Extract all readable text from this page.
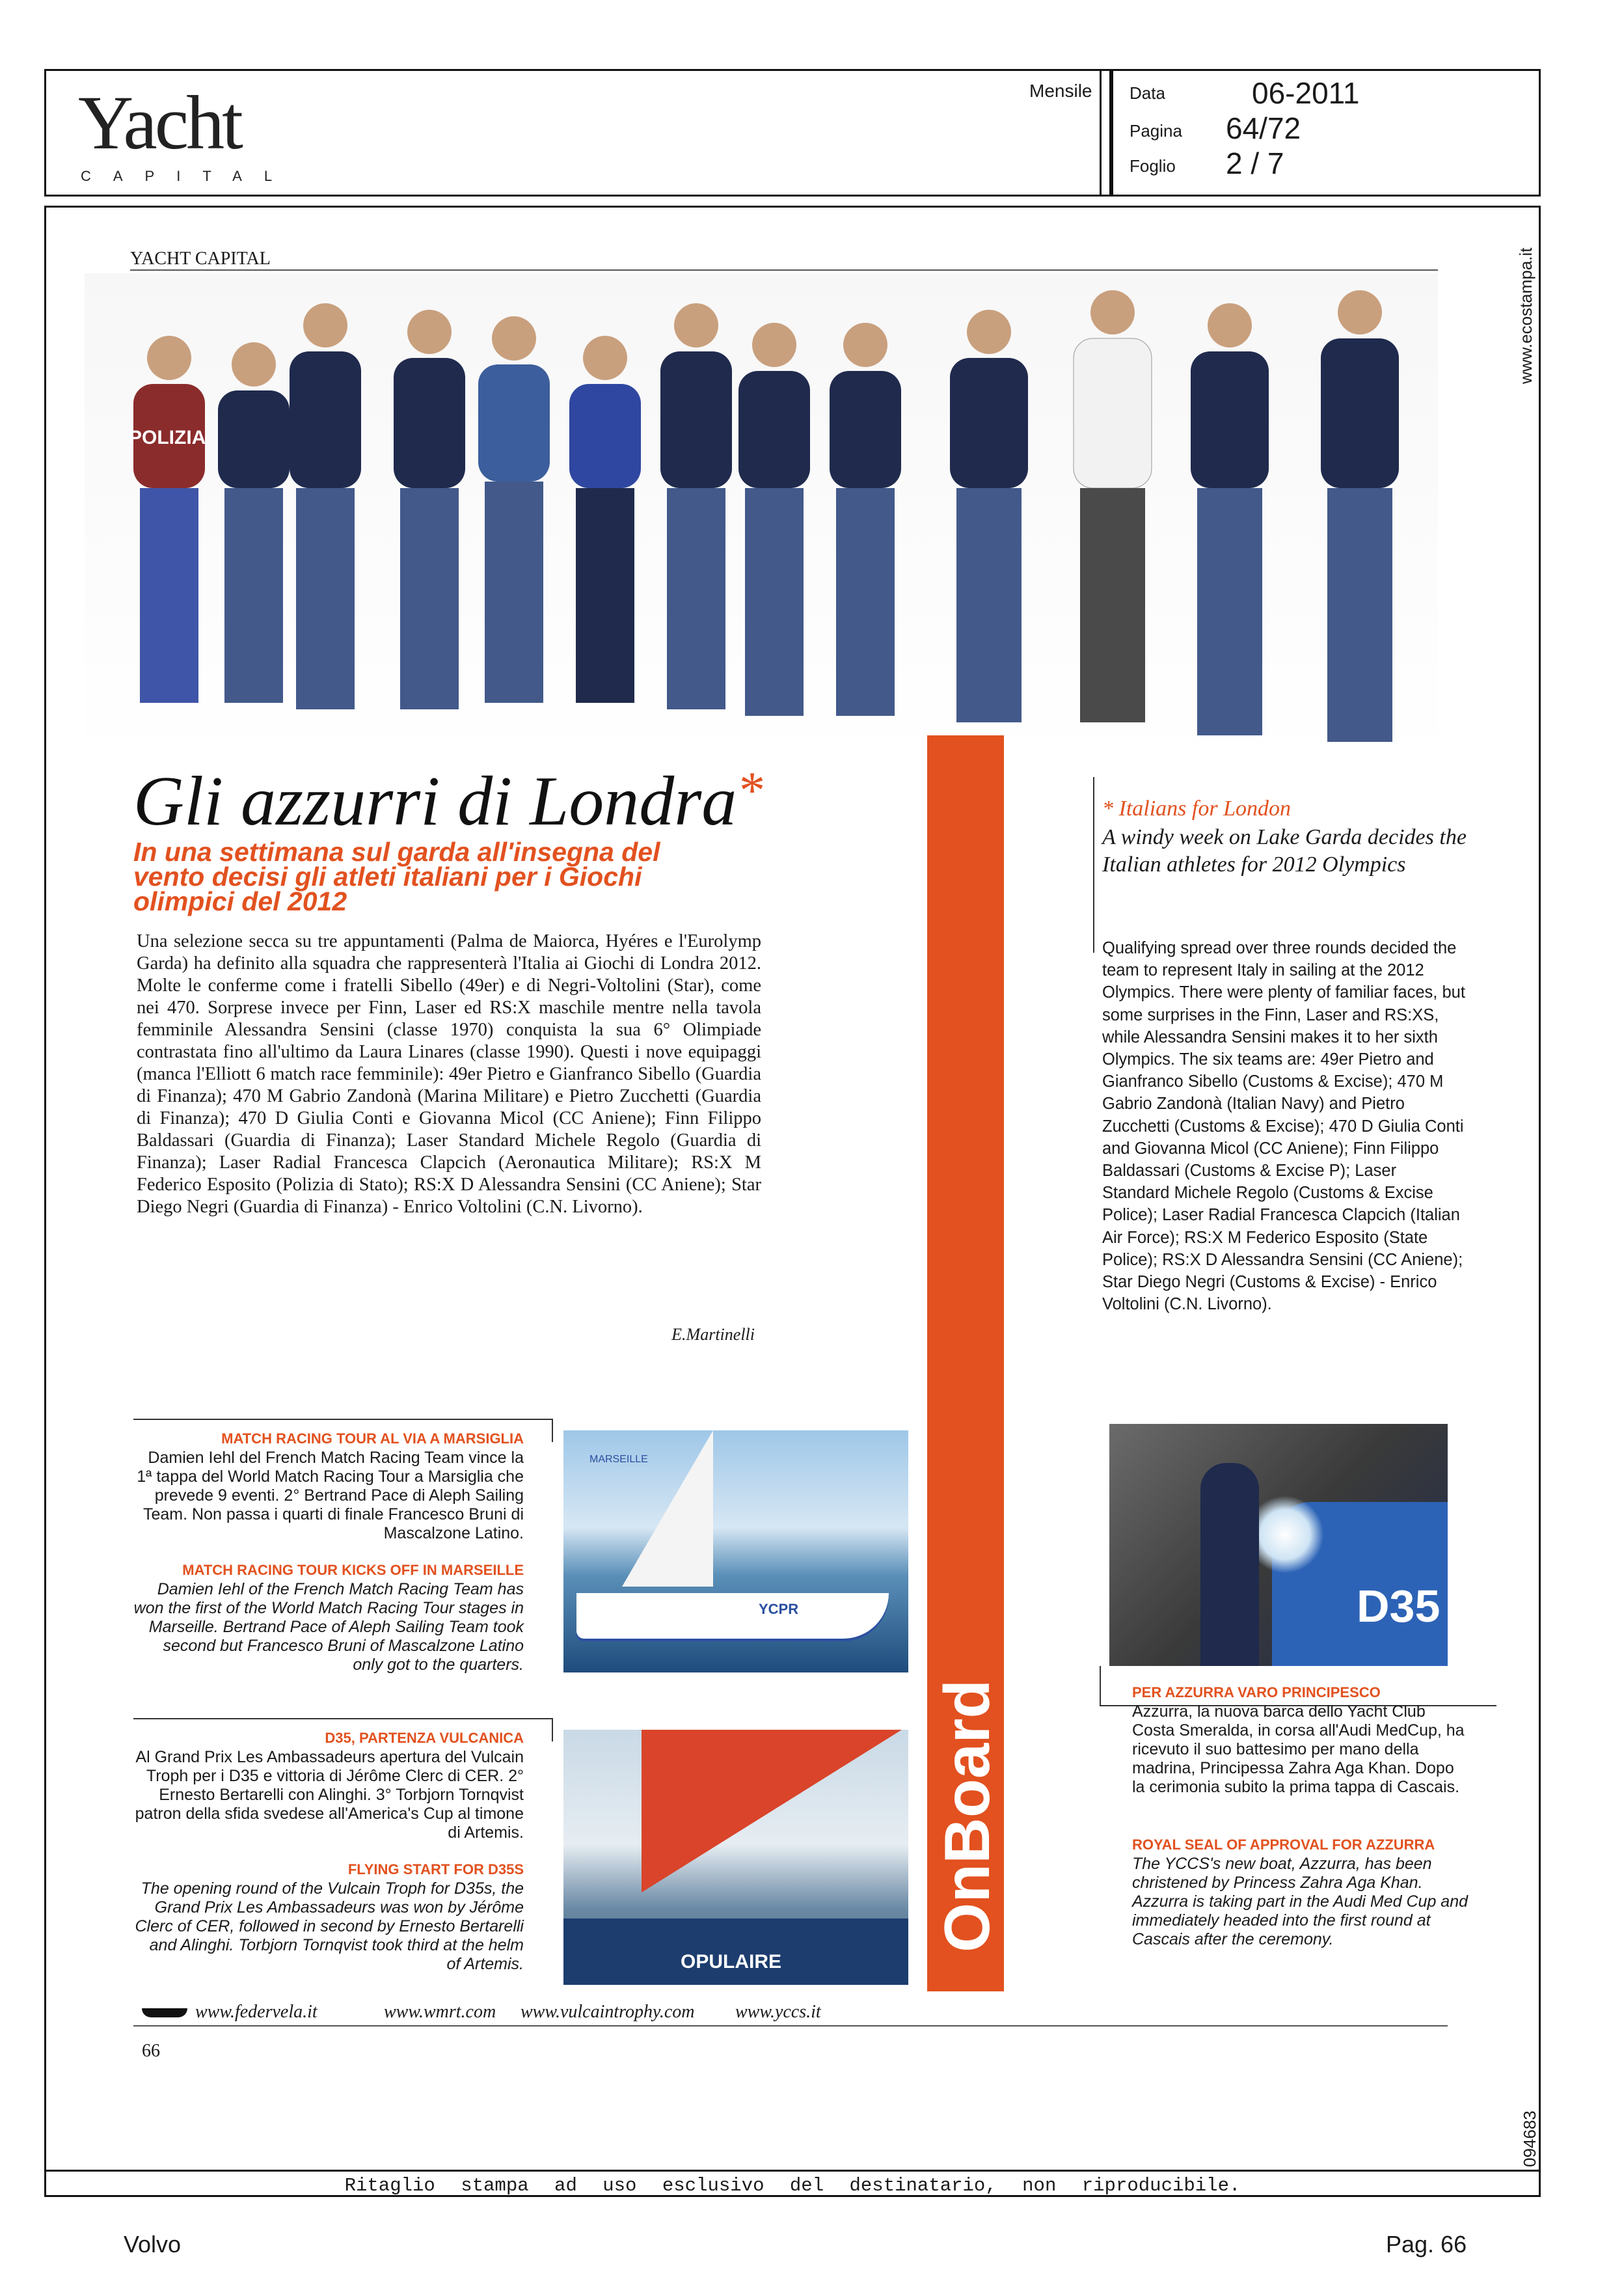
Yacht
CAPITAL
Mensile Data	06-2011
Pagina 64/72
Foglio 2 / 7
Ritaglio stampa ad uso esclusivo del destinatario, non riproducibile.
www.ecostampa.it
094683
YACHT CAPITAL
POLIZIA
OnBoard
Gli azzurri di Londra*
In una settimana sul garda all'insegna del vento decisi gli atleti italiani per i Giochi olimpici del 2012
Una selezione secca su tre appuntamenti (Palma de Maiorca, Hyéres e l'Eurolymp Garda) ha definito alla squadra che rappresenterà l'Italia ai Giochi di Londra 2012. Molte le conferme come i fratelli Sibello (49er) e di Negri-Voltolini (Star), come nei 470. Sorprese invece per Finn, Laser ed RS:X maschile mentre nella tavola femminile Alessandra Sensini (classe 1970) conquista la sua 6° Olimpiade contrastata fino all'ultimo da Laura Linares (classe 1990). Questi i nove equipaggi (manca l'Elliott 6 match race femminile): 49er Pietro e Gianfranco Sibello (Guardia di Finanza); 470 M Gabrio Zandonà (Marina Militare) e Pietro Zucchetti (Guardia di Finanza); 470 D Giulia Conti e Giovanna Micol (CC Aniene); Finn Filippo Baldassari (Guardia di Finanza); Laser Standard Michele Regolo (Guardia di Finanza); Laser Radial Francesca Clapcich (Aeronautica Militare); RS:X M Federico Esposito (Polizia di Stato); RS:X D Alessandra Sensini (CC Aniene); Star Diego Negri (Guardia di Finanza) - Enrico Voltolini (C.N. Livorno).
E.Martinelli
* Italians for London
A windy week on Lake Garda decides the Italian athletes for 2012 Olympics
Qualifying spread over three rounds decided the team to represent Italy in sailing at the 2012 Olympics. There were plenty of familiar faces, but some surprises in the Finn, Laser and RS:XS, while Alessandra Sensini makes it to her sixth Olympics. The six teams are: 49er Pietro and Gianfranco Sibello (Customs & Excise); 470 M Gabrio Zandonà (Italian Navy) and Pietro Zucchetti (Customs & Excise); 470 D Giulia Conti and Giovanna Micol (CC Aniene); Finn Filippo Baldassari (Customs & Excise P); Laser Standard Michele Regolo (Customs & Excise Police); Laser Radial Francesca Clapcich (Italian Air Force); RS:X M Federico Esposito (State Police); RS:X D Alessandra Sensini (CC Aniene); Star Diego Negri (Customs & Excise) - Enrico Voltolini (C.N. Livorno).
MATCH RACING TOUR AL VIA A MARSIGLIA
Damien Iehl del French Match Racing Team vince la 1ª tappa del World Match Racing Tour a Marsiglia che prevede 9 eventi. 2° Bertrand Pace di Aleph Sailing Team. Non passa i quarti di finale Francesco Bruni di Mascalzone Latino.
MATCH RACING TOUR KICKS OFF IN MARSEILLE
Damien Iehl of the French Match Racing Team has won the first of the World Match Racing Tour stages in Marseille. Bertrand Pace of Aleph Sailing Team took second but Francesco Bruni of Mascalzone Latino only got to the quarters.
YCPR
MARSEILLE
D35, PARTENZA VULCANICA
Al Grand Prix Les Ambassadeurs apertura del Vulcain Troph per i D35 e vittoria di Jérôme Clerc di CER. 2° Ernesto Bertarelli con Alinghi. 3° Torbjorn Tornqvist patron della sfida svedese all'America's Cup al timone di Artemis.
FLYING START FOR D35S
The opening round of the Vulcain Troph for D35s, the Grand Prix Les Ambassadeurs was won by Jérôme Clerc of CER, followed in second by Ernesto Bertarelli and Alinghi. Torbjorn Tornqvist took third at the helm of Artemis.	OPULAIRE
D35
PER AZZURRA VARO PRINCIPESCO
Azzurra, la nuova barca dello Yacht Club Costa Smeralda, in corsa all'Audi MedCup, ha ricevuto il suo battesimo per mano della madrina, Principessa Zahra Aga Khan. Dopo la cerimonia subito la prima tappa di Cascais.
ROYAL SEAL OF APPROVAL FOR AZZURRA
The YCCS's new boat, Azzurra, has been christened by Princess Zahra Aga Khan. Azzurra is taking part in the Audi Med Cup and immediately headed into the first round at Cascais after the ceremony.
www.federvela.it	www.wmrt.com www.vulcaintrophy.com www.yccs.it
66
Volvo	Pag. 66
